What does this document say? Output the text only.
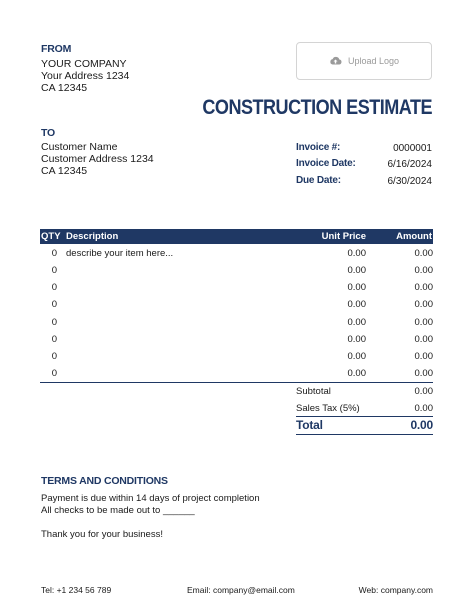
FROM
YOUR COMPANY
Your Address 1234
CA 12345
Upload Logo
CONSTRUCTION ESTIMATE
TO
Customer Name
Customer Address 1234
CA 12345
Invoice #:	0000001
Invoice Date:	6/16/2024
Due Date:	6/30/2024
QTY Description	Unit Price	Amount
0 describe your item here...	0.00	0.00
0	0.00	0.00
0	0.00	0.00
0	0.00	0.00
0	0.00	0.00
0	0.00	0.00
0	0.00	0.00
0	0.00	0.00
Subtotal	0.00
Sales Tax (5%)	0.00
Total	0.00
TERMS AND CONDITIONS
Payment is due within 14 days of project completion
All checks to be made out to ______
Thank you for your business!
Tel: +1 234 56 789	Email: company@email.com	Web: company.com
